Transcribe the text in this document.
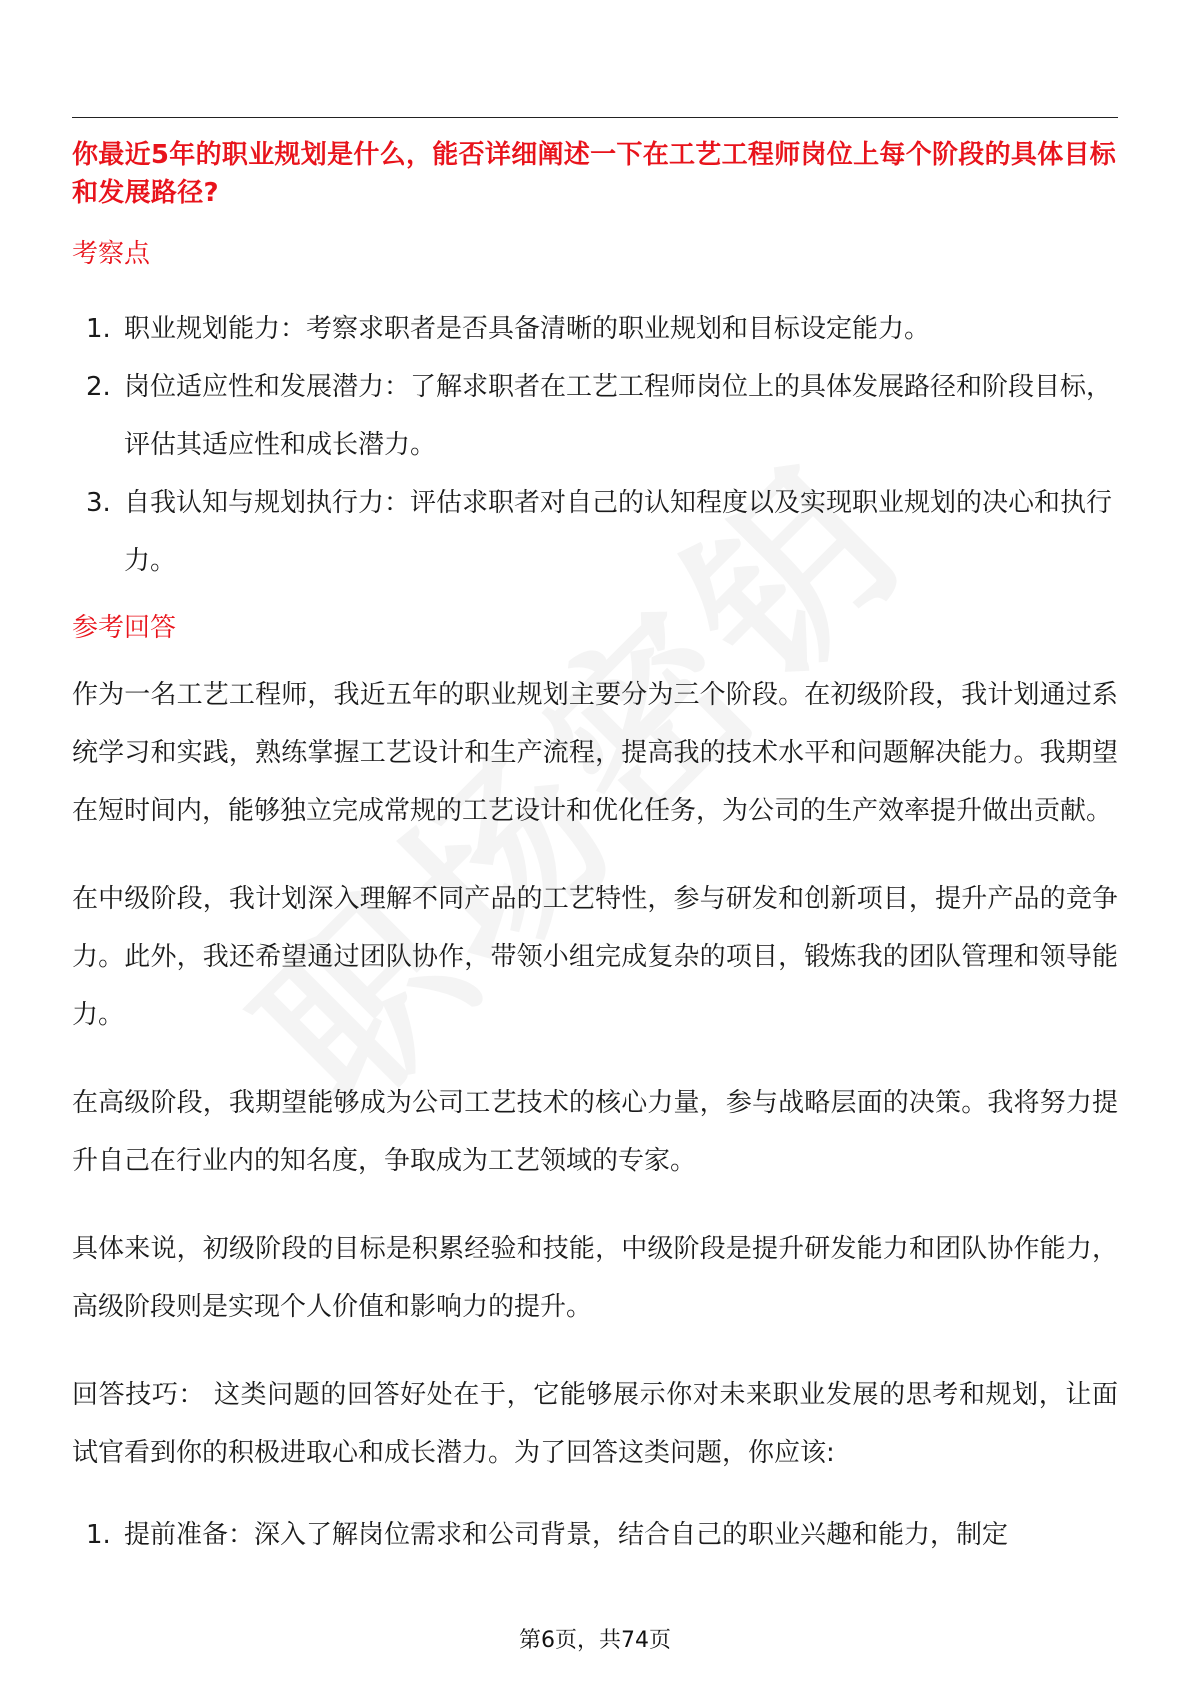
你最近5年的职业规划是什么，能否详细阐述一下在工艺工程师岗位上每个阶段的具体目标和发展路径?

考察点
1. 职业规划能力：考察求职者是否具备清晰的职业规划和目标设定能力。
2. 岗位适应性和发展潜力：了解求职者在工艺工程师岗位上的具体发展路径和阶段目标，评估其适应性和成长潜力。
3. 自我认知与规划执行力：评估求职者对自己的认知程度以及实现职业规划的决心和执行力。
参考回答

作为一名工艺工程师，我近五年的职业规划主要分为三个阶段。在初级阶段，我计划通过系统学习和实践，熟练掌握工艺设计和生产流程，提高我的技术水平和问题解决能力。我期望在短时间内，能够独立完成常规的工艺设计和优化任务，为公司的生产效率提升做出贡献。

在中级阶段，我计划深入理解不同产品的工艺特性，参与研发和创新项目，提升产品的竞争力。此外，我还希望通过团队协作，带领小组完成复杂的项目，锻炼我的团队管理和领导能力。

在高级阶段，我期望能够成为公司工艺技术的核心力量，参与战略层面的决策。我将努力提升自己在行业内的知名度，争取成为工艺领域的专家。

具体来说，初级阶段的目标是积累经验和技能，中级阶段是提升研发能力和团队协作能力，高级阶段则是实现个人价值和影响力的提升。

回答技巧： 这类问题的回答好处在于，它能够展示你对未来职业发展的思考和规划，让面试官看到你的积极进取心和成长潜力。为了回答这类问题，你应该:

1. 提前准备：深入了解岗位需求和公司背景，结合自己的职业兴趣和能力，制定
第6页，共74页
